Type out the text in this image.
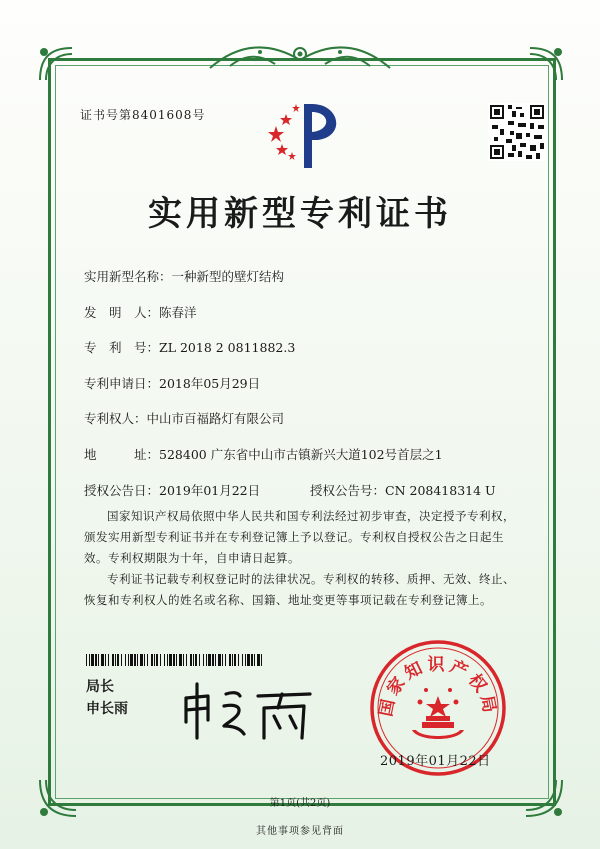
证书号第8401608号
实用新型专利证书
实用新型名称：一种新型的壁灯结构
发　明　人：陈春洋
专　利　号：ZL 2018 2 0811882.3
专利申请日：2018年05月29日
专利权人：中山市百福路灯有限公司
地　　　址：528400 广东省中山市古镇新兴大道102号首层之1
授权公告日：2019年01月22日	授权公告号：CN 208418314 U
国家知识产权局依照中华人民共和国专利法经过初步审查，决定授予专利权，颁发实用新型专利证书并在专利登记簿上予以登记。专利权自授权公告之日起生效。专利权期限为十年，自申请日起算。
专利证书记载专利权登记时的法律状况。专利权的转移、质押、无效、终止、恢复和专利权人的姓名或名称、国籍、地址变更等事项记载在专利登记簿上。
局长
申长雨	国家知识产权局
2019年01月22日
第1页(共2页)
其他事项参见背面
